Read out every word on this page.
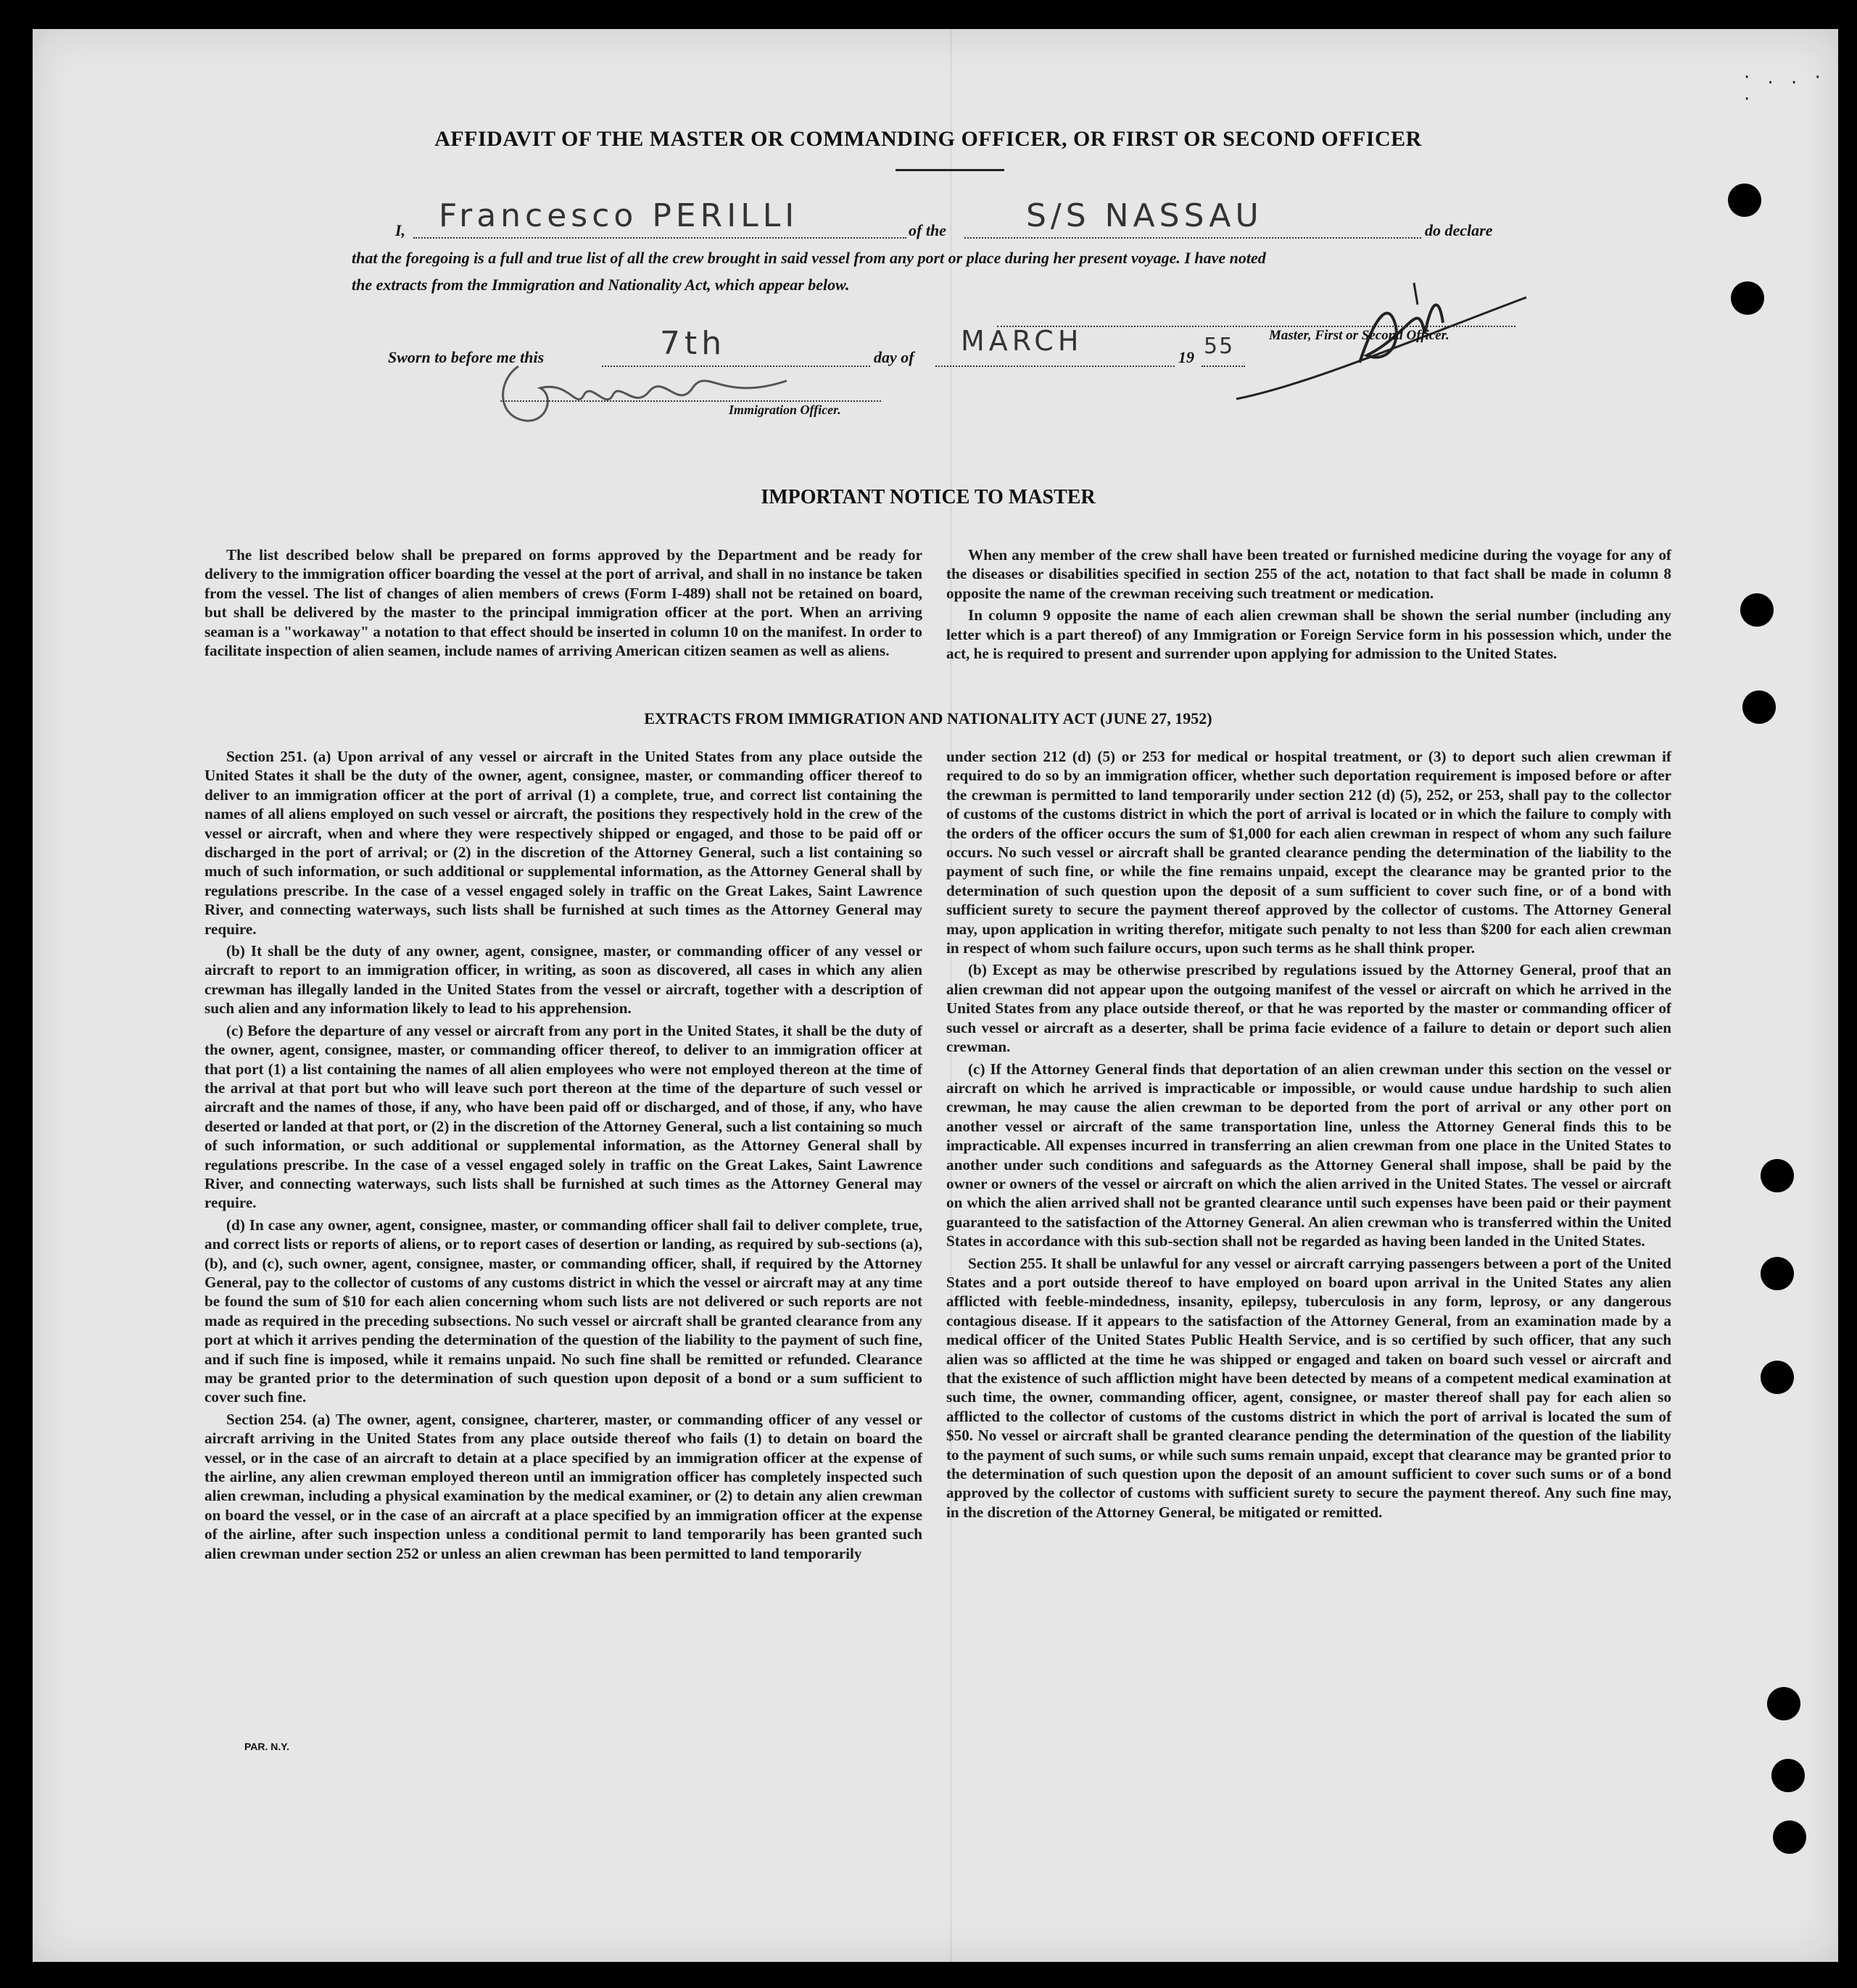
· . . · ·
AFFIDAVIT OF THE MASTER OR COMMANDING OFFICER, OR FIRST OR SECOND OFFICER
I, Francesco PERILLI	of the	S/S NASSAU	do declare
that the foregoing is a full and true list of all the crew brought in said vessel from any port or place during her present voyage. I have noted
the extracts from the Immigration and Nationality Act, which appear below.
Master, First or Second Officer.
Sworn to before me this	7th	day of
MARCH
19 55
Immigration Officer.
IMPORTANT NOTICE TO MASTER

The list described below shall be prepared on forms approved by the Department and be ready for delivery to the immigration officer boarding the vessel at the port of arrival, and shall in no instance be taken from the vessel. The list of changes of alien members of crews (Form I-489) shall not be retained on board, but shall be delivered by the master to the principal immigration officer at the port. When an arriving seaman is a "workaway" a notation to that effect should be inserted in column 10 on the manifest. In order to facilitate inspection of alien seamen, include names of arriving American citizen seamen as well as aliens.

When any member of the crew shall have been treated or furnished medicine during the voyage for any of the diseases or disabilities specified in section 255 of the act, notation to that fact shall be made in column 8 opposite the name of the crewman receiving such treatment or medication.

In column 9 opposite the name of each alien crewman shall be shown the serial number (including any letter which is a part thereof) of any Immigration or Foreign Service form in his possession which, under the act, he is required to present and surrender upon applying for admission to the United States.

EXTRACTS FROM IMMIGRATION AND NATIONALITY ACT (JUNE 27, 1952)

Section 251. (a) Upon arrival of any vessel or aircraft in the United States from any place outside the United States it shall be the duty of the owner, agent, consignee, master, or commanding officer thereof to deliver to an immigration officer at the port of arrival (1) a complete, true, and correct list containing the names of all aliens employed on such vessel or aircraft, the positions they respectively hold in the crew of the vessel or aircraft, when and where they were respectively shipped or engaged, and those to be paid off or discharged in the port of arrival; or (2) in the discretion of the Attorney General, such a list containing so much of such information, or such additional or supplemental information, as the Attorney General shall by regulations prescribe. In the case of a vessel engaged solely in traffic on the Great Lakes, Saint Lawrence River, and connecting waterways, such lists shall be furnished at such times as the Attorney General may require.

(b) It shall be the duty of any owner, agent, consignee, master, or commanding officer of any vessel or aircraft to report to an immigration officer, in writing, as soon as discovered, all cases in which any alien crewman has illegally landed in the United States from the vessel or aircraft, together with a description of such alien and any information likely to lead to his apprehension.

(c) Before the departure of any vessel or aircraft from any port in the United States, it shall be the duty of the owner, agent, consignee, master, or commanding officer thereof, to deliver to an immigration officer at that port (1) a list containing the names of all alien employees who were not employed thereon at the time of the arrival at that port but who will leave such port thereon at the time of the departure of such vessel or aircraft and the names of those, if any, who have been paid off or discharged, and of those, if any, who have deserted or landed at that port, or (2) in the discretion of the Attorney General, such a list containing so much of such information, or such additional or supplemental information, as the Attorney General shall by regulations prescribe. In the case of a vessel engaged solely in traffic on the Great Lakes, Saint Lawrence River, and connecting waterways, such lists shall be furnished at such times as the Attorney General may require.

(d) In case any owner, agent, consignee, master, or commanding officer shall fail to deliver complete, true, and correct lists or reports of aliens, or to report cases of desertion or landing, as required by sub-sections (a), (b), and (c), such owner, agent, consignee, master, or commanding officer, shall, if required by the Attorney General, pay to the collector of customs of any customs district in which the vessel or aircraft may at any time be found the sum of $10 for each alien concerning whom such lists are not delivered or such reports are not made as required in the preceding subsections. No such vessel or aircraft shall be granted clearance from any port at which it arrives pending the determination of the question of the liability to the payment of such fine, and if such fine is imposed, while it remains unpaid. No such fine shall be remitted or refunded. Clearance may be granted prior to the determination of such question upon deposit of a bond or a sum sufficient to cover such fine.

Section 254. (a) The owner, agent, consignee, charterer, master, or commanding officer of any vessel or aircraft arriving in the United States from any place outside thereof who fails (1) to detain on board the vessel, or in the case of an aircraft to detain at a place specified by an immigration officer at the expense of the airline, any alien crewman employed thereon until an immigration officer has completely inspected such alien crewman, including a physical examination by the medical examiner, or (2) to detain any alien crewman on board the vessel, or in the case of an aircraft at a place specified by an immigration officer at the expense of the airline, after such inspection unless a conditional permit to land temporarily has been granted such alien crewman under section 252 or unless an alien crewman has been permitted to land temporarily

under section 212 (d) (5) or 253 for medical or hospital treatment, or (3) to deport such alien crewman if required to do so by an immigration officer, whether such deportation requirement is imposed before or after the crewman is permitted to land temporarily under section 212 (d) (5), 252, or 253, shall pay to the collector of customs of the customs district in which the port of arrival is located or in which the failure to comply with the orders of the officer occurs the sum of $1,000 for each alien crewman in respect of whom any such failure occurs. No such vessel or aircraft shall be granted clearance pending the determination of the liability to the payment of such fine, or while the fine remains unpaid, except the clearance may be granted prior to the determination of such question upon the deposit of a sum sufficient to cover such fine, or of a bond with sufficient surety to secure the payment thereof approved by the collector of customs. The Attorney General may, upon application in writing therefor, mitigate such penalty to not less than $200 for each alien crewman in respect of whom such failure occurs, upon such terms as he shall think proper.

(b) Except as may be otherwise prescribed by regulations issued by the Attorney General, proof that an alien crewman did not appear upon the outgoing manifest of the vessel or aircraft on which he arrived in the United States from any place outside thereof, or that he was reported by the master or commanding officer of such vessel or aircraft as a deserter, shall be prima facie evidence of a failure to detain or deport such alien crewman.

(c) If the Attorney General finds that deportation of an alien crewman under this section on the vessel or aircraft on which he arrived is impracticable or impossible, or would cause undue hardship to such alien crewman, he may cause the alien crewman to be deported from the port of arrival or any other port on another vessel or aircraft of the same transportation line, unless the Attorney General finds this to be impracticable. All expenses incurred in transferring an alien crewman from one place in the United States to another under such conditions and safeguards as the Attorney General shall impose, shall be paid by the owner or owners of the vessel or aircraft on which the alien arrived in the United States. The vessel or aircraft on which the alien arrived shall not be granted clearance until such expenses have been paid or their payment guaranteed to the satisfaction of the Attorney General. An alien crewman who is transferred within the United States in accordance with this sub-section shall not be regarded as having been landed in the United States.

Section 255. It shall be unlawful for any vessel or aircraft carrying passengers between a port of the United States and a port outside thereof to have employed on board upon arrival in the United States any alien afflicted with feeble-mindedness, insanity, epilepsy, tuberculosis in any form, leprosy, or any dangerous contagious disease. If it appears to the satisfaction of the Attorney General, from an examination made by a medical officer of the United States Public Health Service, and is so certified by such officer, that any such alien was so afflicted at the time he was shipped or engaged and taken on board such vessel or aircraft and that the existence of such affliction might have been detected by means of a competent medical examination at such time, the owner, commanding officer, agent, consignee, or master thereof shall pay for each alien so afflicted to the collector of customs of the customs district in which the port of arrival is located the sum of $50. No vessel or aircraft shall be granted clearance pending the determination of the question of the liability to the payment of such sums, or while such sums remain unpaid, except that clearance may be granted prior to the determination of such question upon the deposit of an amount sufficient to cover such sums or of a bond approved by the collector of customs with sufficient surety to secure the payment thereof. Any such fine may, in the discretion of the Attorney General, be mitigated or remitted.

PAR. N.Y.
